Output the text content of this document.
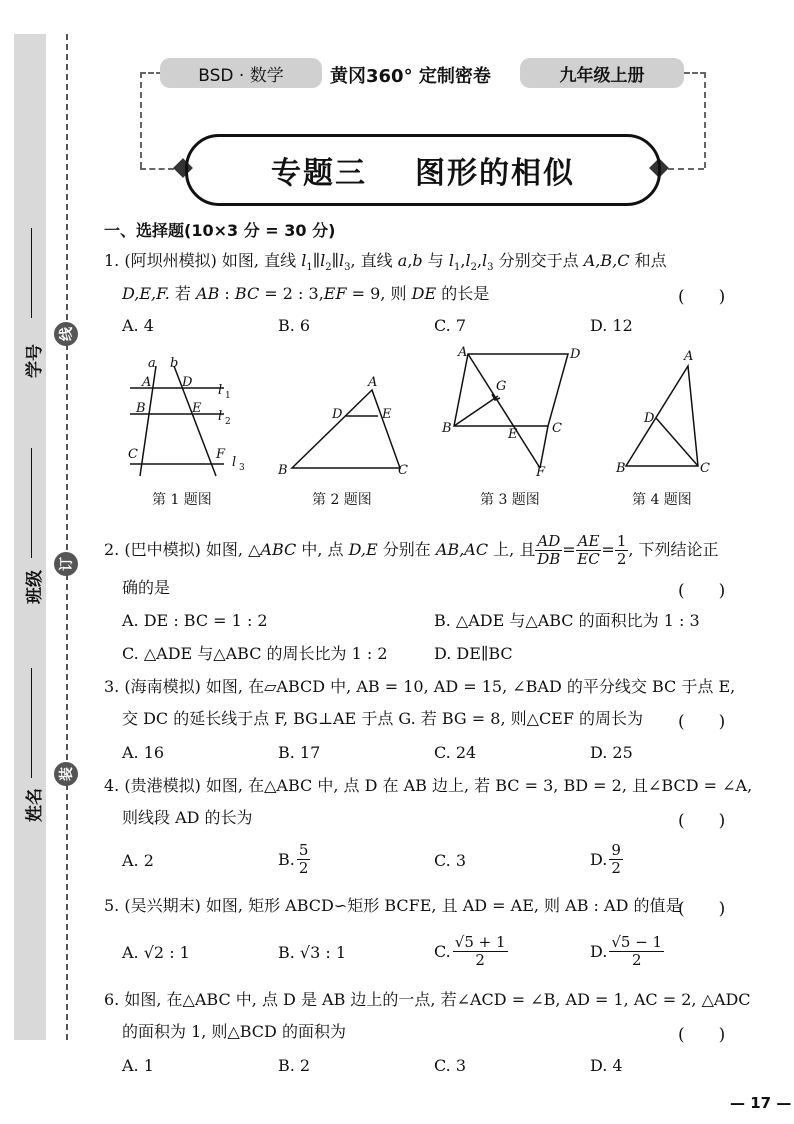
线
订
装
学号
班级
姓名
BSD · 数学	黄冈360° 定制密卷	九年级上册
专题三 图形的相似
一、选择题(10×3 分 = 30 分)
1. (阿坝州模拟) 如图, 直线 $l_1\parallel l_2\parallel l_3$, 直线 a,b 与 $l_1,l_2,l_3$ 分别交于点 A,B,C 和点
D,E,F. 若 AB : BC = 2 : 3,EF = 9, 则 DE 的长是	(　　)
A. 4	B. 6	C. 7	D. 12
a b
A D
l 1
B	E
l 2
C	F
l 3
第 1 题图
A
D	E
B	C
第 2 题图
A	D
G
B	E	C
F
第 3 题图
A
D
B	C
第 4 题图
2. (巴中模拟) 如图, △ ABC
中, 点
D,E
分别在
AB,AC
上, 且 $\frac{AD}{DB} = \frac{AE}{EC} = \frac{1}{2}$ , 下列结论正
确的是	(　　)
A. DE : BC = 1 : 2	B. △ADE 与△ABC 的面积比为 1 : 3
C. △ADE 与△ABC 的周长比为 1 : 2	D. DE∥BC
3. (海南模拟) 如图, 在▱ABCD 中, AB = 10, AD = 15, ∠BAD 的平分线交 BC 于点 E,
交 DC 的延长线于点 F, BG⊥AE 于点 G. 若 BG = 8, 则△CEF 的周长为 (　　)
A. 16	B. 17	C. 24	D. 25
4. (贵港模拟) 如图, 在△ABC 中, 点 D 在 AB 边上, 若 BC = 3, BD = 2, 且∠BCD = ∠A,
则线段 AD 的长为	(　　)
A. 2	B. $\frac{5}{2}$	C. 3	D. $\frac{9}{2}$
5. (吴兴期末) 如图, 矩形 ABCD∽矩形 BCFE, 且 AD = AE, 则 AB : AD 的值是
(　　)
A. √2 : 1	B. √3 : 1	C. $\frac{√5 + 1}{2}$	D. $\frac{√5 - 1}{2}$
6. 如图, 在△ABC 中, 点 D 是 AB 边上的一点, 若∠ACD = ∠B, AD = 1, AC = 2, △ADC
的面积为 1, 则△BCD 的面积为	(　　)
A. 1	B. 2	C. 3	D. 4
— 17 —
